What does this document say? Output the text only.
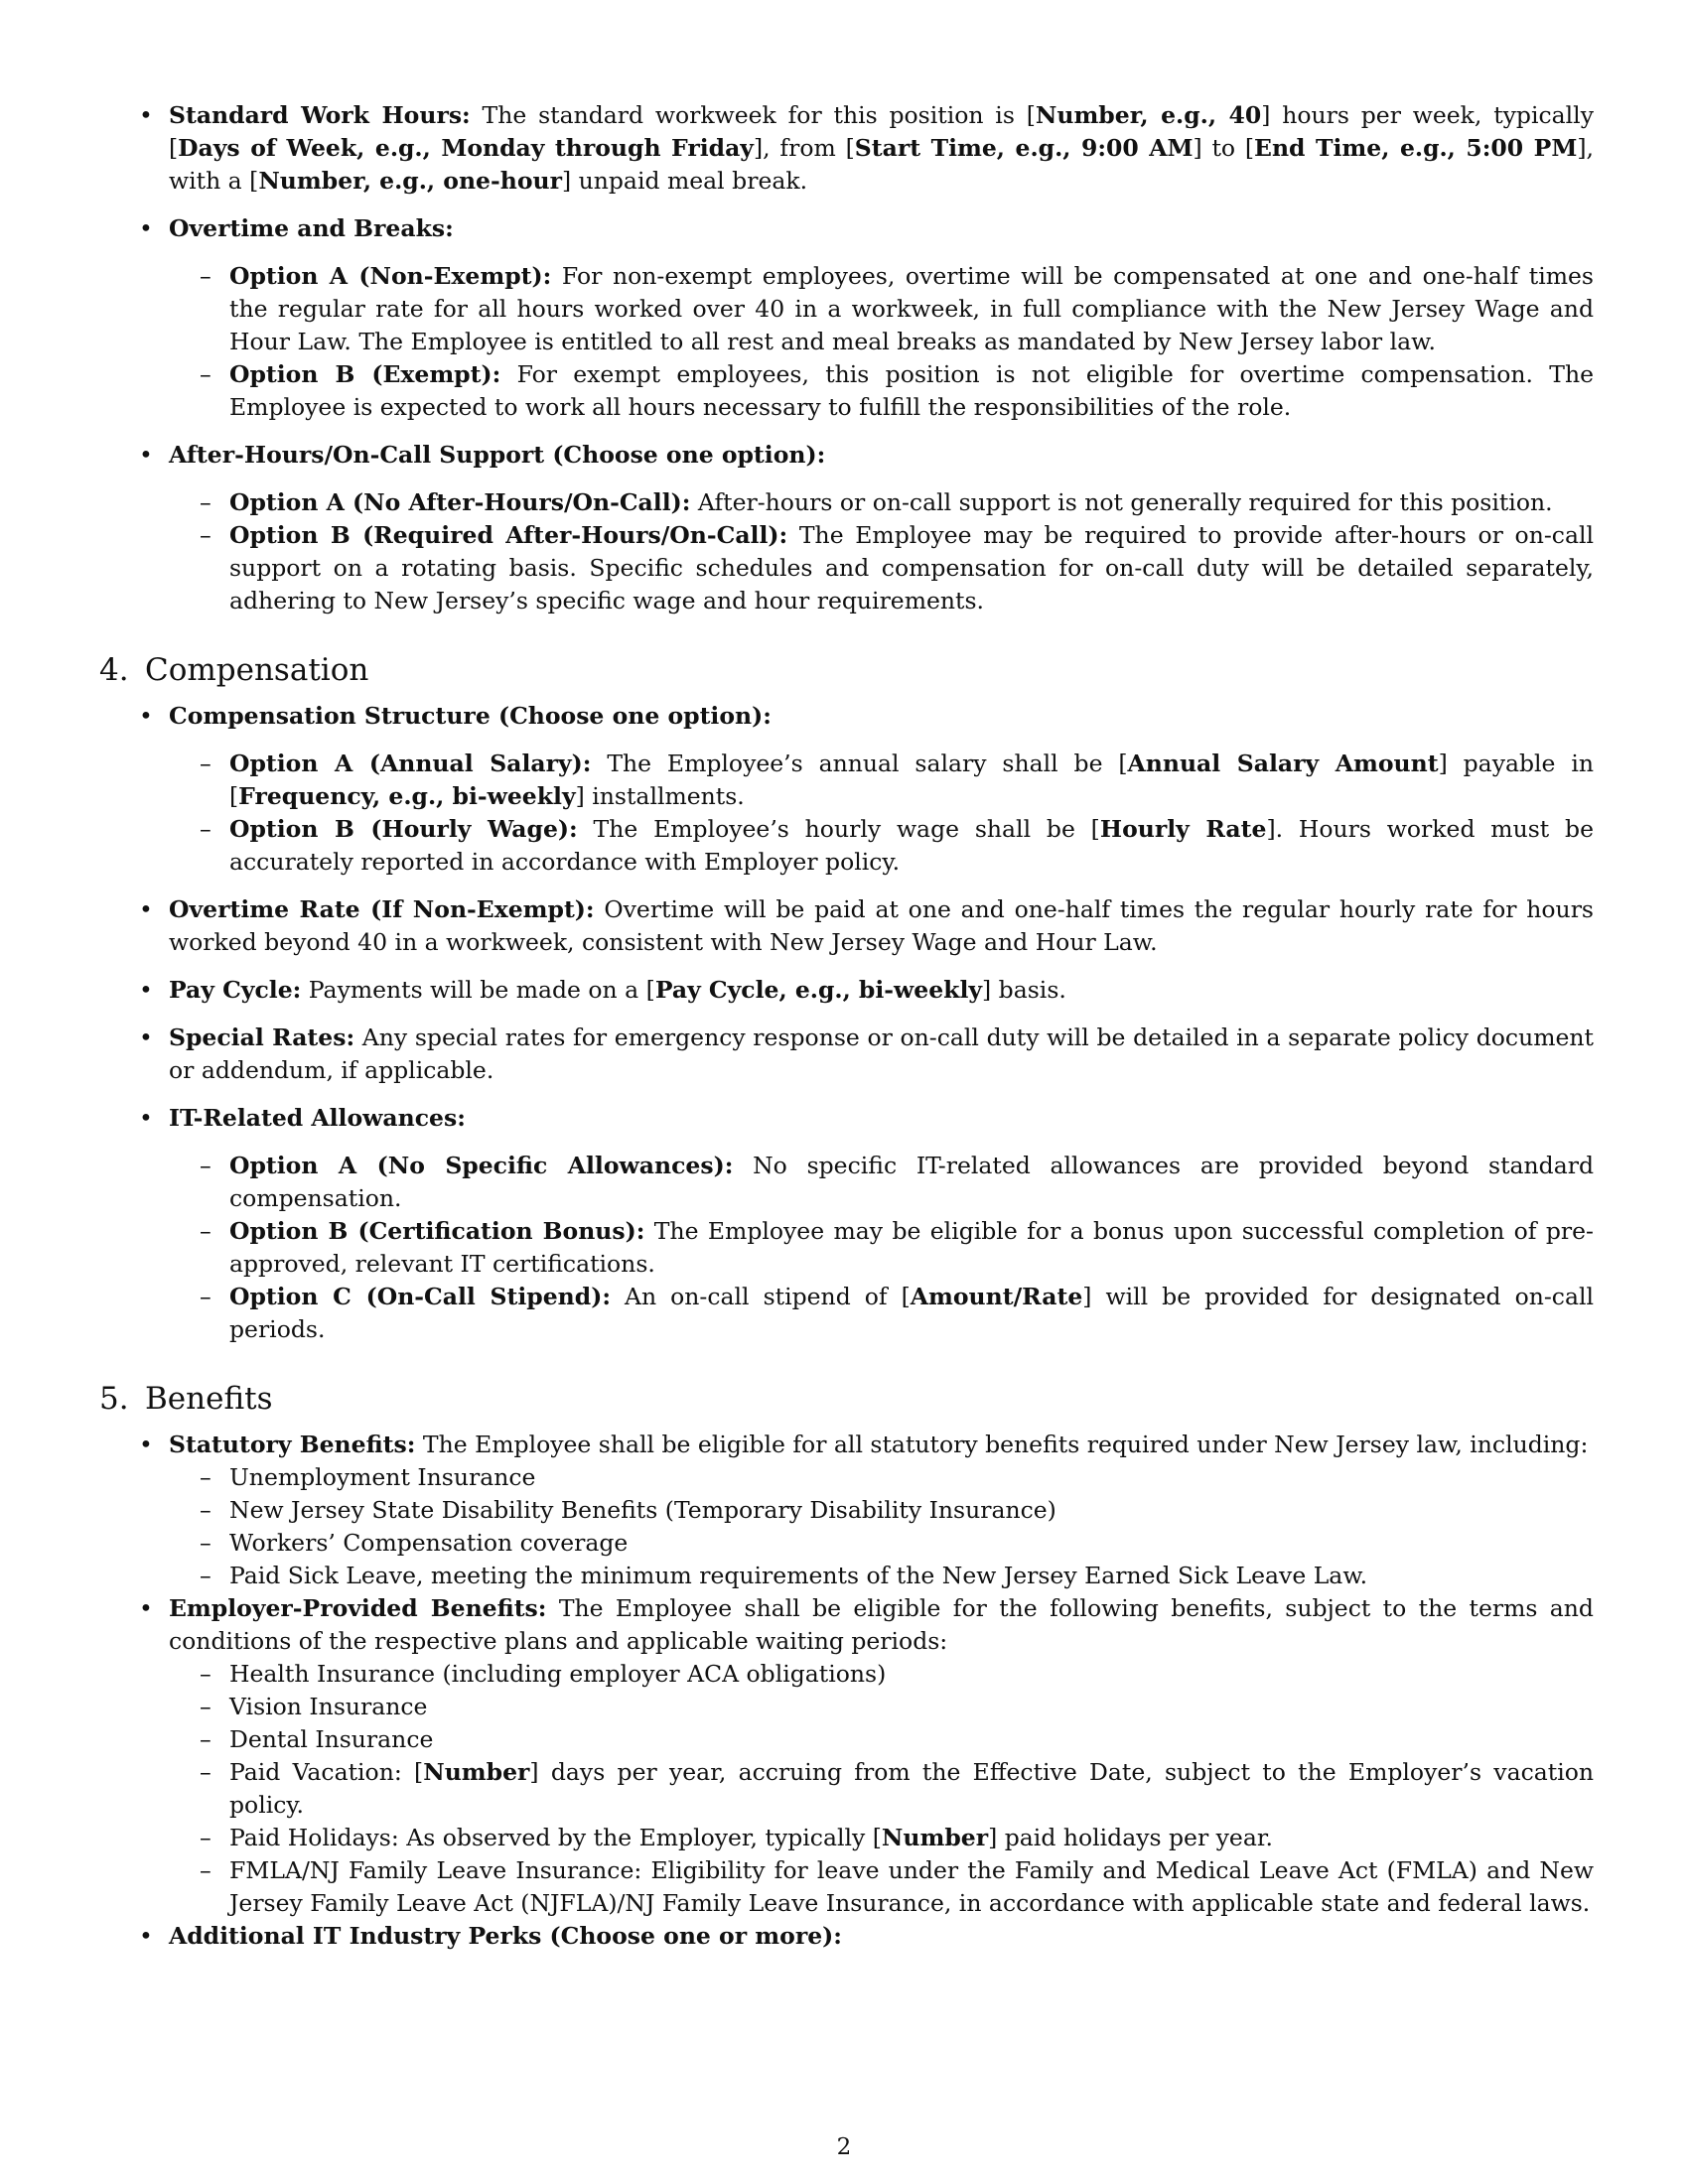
• Standard Work Hours: The standard workweek for this position is [Number, e.g., 40] hours per week, typically [Days of Week, e.g., Monday through Friday], from [Start Time, e.g., 9:00 AM] to [End Time, e.g., 5:00 PM], with a [Number, e.g., one-hour] unpaid meal break.
• Overtime and Breaks:
– Option A (Non-Exempt): For non-exempt employees, overtime will be compensated at one and one-half times the regular rate for all hours worked over 40 in a workweek, in full compliance with the New Jersey Wage and Hour Law. The Employee is entitled to all rest and meal breaks as mandated by New Jersey labor law.
– Option B (Exempt): For exempt employees, this position is not eligible for overtime compensation. The Employee is expected to work all hours necessary to fulfill the responsibilities of the role.
• After-Hours/On-Call Support (Choose one option):
– Option A (No After-Hours/On-Call): After-hours or on-call support is not generally required for this position.
– Option B (Required After-Hours/On-Call): The Employee may be required to provide after-hours or on-call support on a rotating basis. Specific schedules and compensation for on-call duty will be detailed separately, adhering to New Jersey’s specific wage and hour requirements.
4. Compensation
• Compensation Structure (Choose one option):
– Option A (Annual Salary): The Employee’s annual salary shall be [Annual Salary Amount] payable in [Frequency, e.g., bi-weekly] installments.
– Option B (Hourly Wage): The Employee’s hourly wage shall be [Hourly Rate]. Hours worked must be accurately reported in accordance with Employer policy.
• Overtime Rate (If Non-Exempt): Overtime will be paid at one and one-half times the regular hourly rate for hours worked beyond 40 in a workweek, consistent with New Jersey Wage and Hour Law.
• Pay Cycle: Payments will be made on a [Pay Cycle, e.g., bi-weekly] basis.
• Special Rates: Any special rates for emergency response or on-call duty will be detailed in a separate policy document or addendum, if applicable.
• IT-Related Allowances:
– Option A (No Specific Allowances): No specific IT-related allowances are provided beyond standard compensation.
– Option B (Certification Bonus): The Employee may be eligible for a bonus upon successful completion of pre-approved, relevant IT certifications.
– Option C (On-Call Stipend): An on-call stipend of [Amount/Rate] will be provided for designated on-call periods.
5. Benefits
• Statutory Benefits: The Employee shall be eligible for all statutory benefits required under New Jersey law, including:
– Unemployment Insurance
– New Jersey State Disability Benefits (Temporary Disability Insurance)
– Workers’ Compensation coverage
– Paid Sick Leave, meeting the minimum requirements of the New Jersey Earned Sick Leave Law.
• Employer-Provided Benefits: The Employee shall be eligible for the following benefits, subject to the terms and conditions of the respective plans and applicable waiting periods:
– Health Insurance (including employer ACA obligations)
– Vision Insurance
– Dental Insurance
– Paid Vacation: [Number] days per year, accruing from the Effective Date, subject to the Employer’s vacation policy.
– Paid Holidays: As observed by the Employer, typically [Number] paid holidays per year.
– FMLA/NJ Family Leave Insurance: Eligibility for leave under the Family and Medical Leave Act (FMLA) and New Jersey Family Leave Act (NJFLA)/NJ Family Leave Insurance, in accordance with applicable state and federal laws.
• Additional IT Industry Perks (Choose one or more):
2
